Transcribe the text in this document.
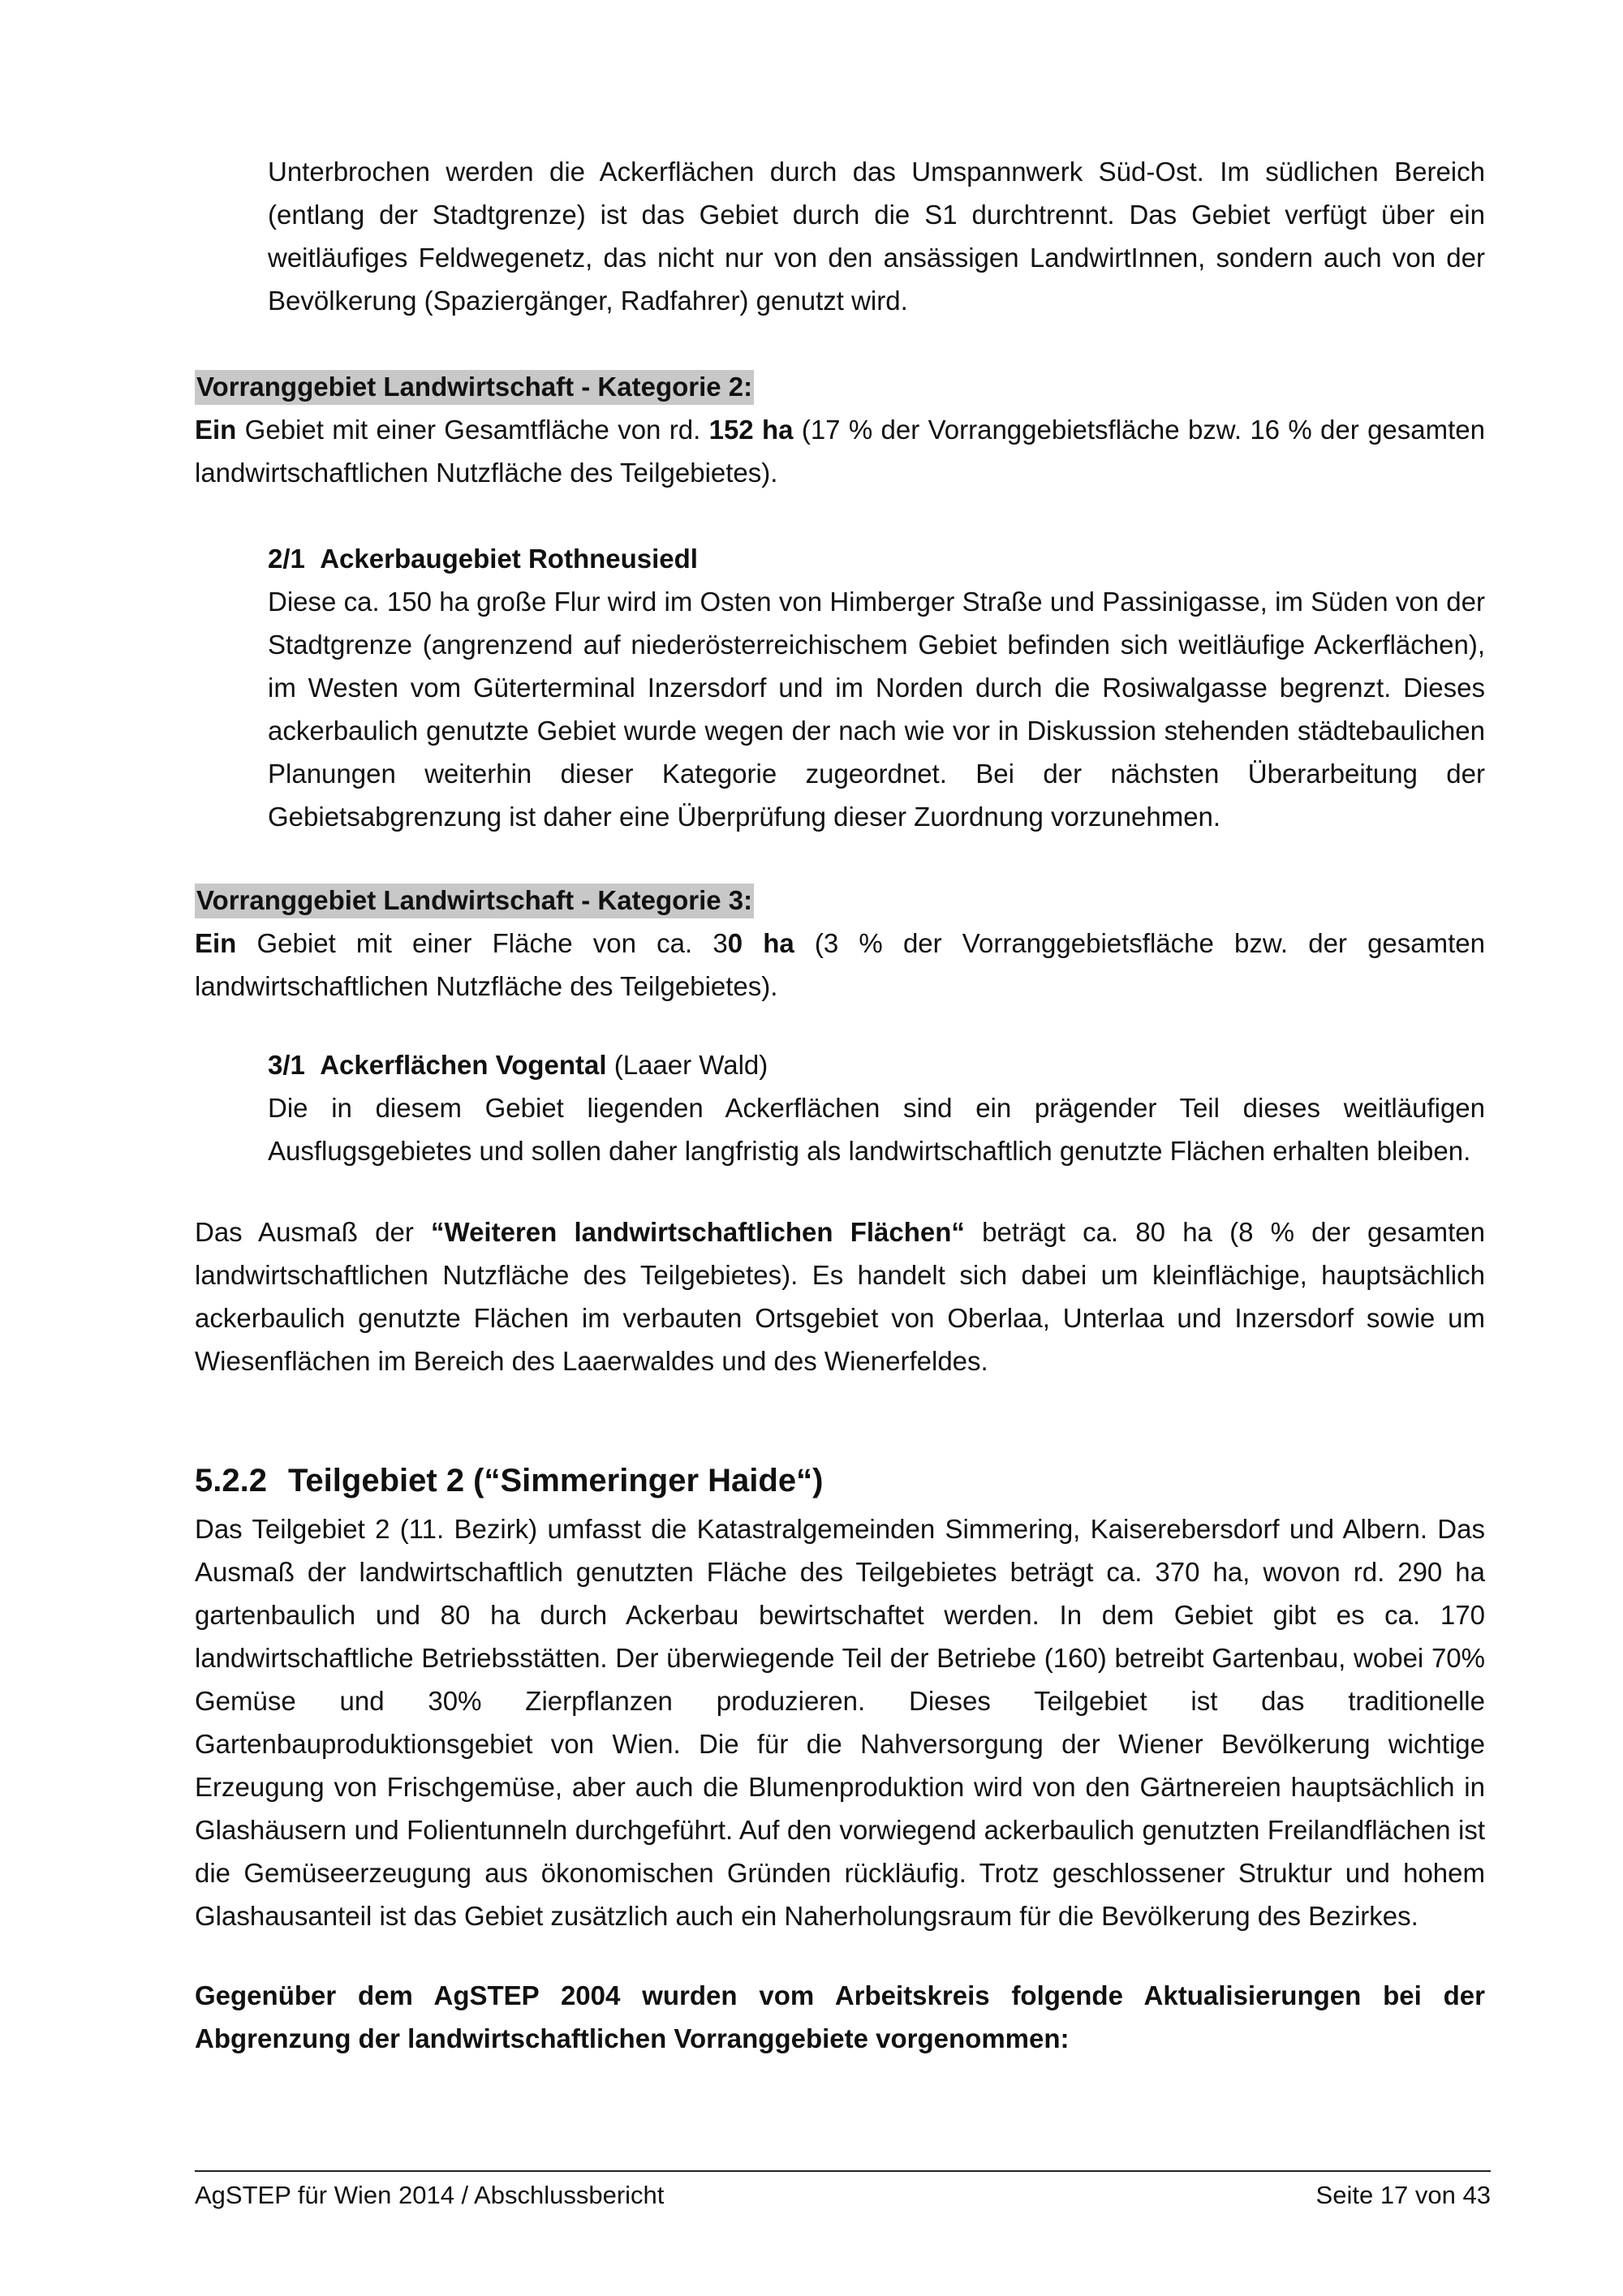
Unterbrochen werden die Ackerflächen durch das Umspannwerk Süd-Ost. Im südlichen Bereich (entlang der Stadtgrenze) ist das Gebiet durch die S1 durchtrennt. Das Gebiet verfügt über ein weitläufiges Feldwegenetz, das nicht nur von den ansässigen LandwirtInnen, sondern auch von der Bevölkerung (Spaziergänger, Radfahrer) genutzt wird.

Vorranggebiet Landwirtschaft - Kategorie 2:

Ein Gebiet mit einer Gesamtfläche von rd. 152 ha (17 % der Vorranggebietsfläche bzw. 16 % der gesamten landwirtschaftlichen Nutzfläche des Teilgebietes).

2/1 Ackerbaugebiet Rothneusiedl

Diese ca. 150 ha große Flur wird im Osten von Himberger Straße und Passinigasse, im Süden von der Stadtgrenze (angrenzend auf niederösterreichischem Gebiet befinden sich weitläufige Ackerflächen), im Westen vom Güterterminal Inzersdorf und im Norden durch die Rosiwalgasse begrenzt. Dieses ackerbaulich genutzte Gebiet wurde wegen der nach wie vor in Diskussion stehenden städtebaulichen Planungen weiterhin dieser Kategorie zugeordnet. Bei der nächsten Überarbeitung der Gebietsabgrenzung ist daher eine Überprüfung dieser Zuordnung vorzunehmen.

Vorranggebiet Landwirtschaft - Kategorie 3:

Ein Gebiet mit einer Fläche von ca. 30 ha (3 % der Vorranggebietsfläche bzw. der gesamten landwirtschaftlichen Nutzfläche des Teilgebietes).

3/1 Ackerflächen Vogental (Laaer Wald)

Die in diesem Gebiet liegenden Ackerflächen sind ein prägender Teil dieses weitläufigen Ausflugsgebietes und sollen daher langfristig als landwirtschaftlich genutzte Flächen erhalten bleiben.

Das Ausmaß der “Weiteren landwirtschaftlichen Flächen“ beträgt ca. 80 ha (8 % der gesamten landwirtschaftlichen Nutzfläche des Teilgebietes). Es handelt sich dabei um kleinflächige, hauptsächlich ackerbaulich genutzte Flächen im verbauten Ortsgebiet von Oberlaa, Unterlaa und Inzersdorf sowie um Wiesenflächen im Bereich des Laaerwaldes und des Wienerfeldes.

5.2.2 Teilgebiet 2 (“Simmeringer Haide“)

Das Teilgebiet 2 (11. Bezirk) umfasst die Katastralgemeinden Simmering, Kaiserebersdorf und Albern. Das Ausmaß der landwirtschaftlich genutzten Fläche des Teilgebietes beträgt ca. 370 ha, wovon rd. 290 ha gartenbaulich und 80 ha durch Ackerbau bewirtschaftet werden. In dem Gebiet gibt es ca. 170 landwirtschaftliche Betriebsstätten. Der überwiegende Teil der Betriebe (160) betreibt Gartenbau, wobei 70% Gemüse und 30% Zierpflanzen produzieren. Dieses Teilgebiet ist das traditionelle Gartenbauproduktionsgebiet von Wien. Die für die Nahversorgung der Wiener Bevölkerung wichtige Erzeugung von Frischgemüse, aber auch die Blumenproduktion wird von den Gärtnereien hauptsächlich in Glashäusern und Folientunneln durchgeführt. Auf den vorwiegend ackerbaulich genutzten Freilandflächen ist die Gemüseerzeugung aus ökonomischen Gründen rückläufig. Trotz geschlossener Struktur und hohem Glashausanteil ist das Gebiet zusätzlich auch ein Naherholungsraum für die Bevölkerung des Bezirkes.

Gegenüber dem AgSTEP 2004 wurden vom Arbeitskreis folgende Aktualisierungen bei der Abgrenzung der landwirtschaftlichen Vorranggebiete vorgenommen:

AgSTEP für Wien 2014 / Abschlussbericht	Seite 17 von 43
